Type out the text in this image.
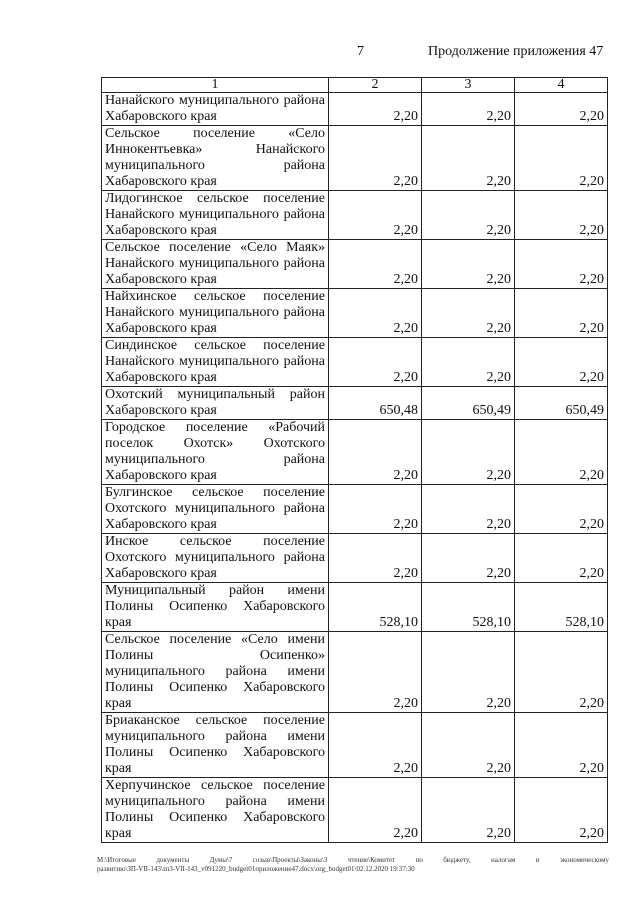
7	Продолжение приложения 47
1	2	3	4
Нанайского муниципального района Хабаровского края	2,20	2,20	2,20
Сельское поселение «Село Иннокентьевка» Нанайского муниципального района Хабаровского края	2,20	2,20	2,20
Лидогинское сельское поселение Нанайского муниципального района Хабаровского края	2,20	2,20	2,20
Сельское поселение «Село Маяк» Нанайского муниципального района Хабаровского края	2,20	2,20	2,20
Найхинское сельское поселение Нанайского муниципального района Хабаровского края	2,20	2,20	2,20
Синдинское сельское поселение Нанайского муниципального района Хабаровского края	2,20	2,20	2,20
Охотский муниципальный район Хабаровского края	650,48	650,49	650,49
Городское поселение «Рабочий поселок Охотск» Охотского муниципального района Хабаровского края	2,20	2,20	2,20
Булгинское сельское поселение Охотского муниципального района Хабаровского края	2,20	2,20	2,20
Инское сельское поселение Охотского муниципального района Хабаровского края	2,20	2,20	2,20
Муниципальный район имени Полины Осипенко Хабаровского края	528,10	528,10	528,10
Сельское поселение «Село имени Полины Осипенко» муниципального района имени Полины Осипенко Хабаровского края	2,20	2,20	2,20
Бриаканское сельское поселение муниципального района имени Полины Осипенко Хабаровского края	2,20	2,20	2,20
Херпучинское сельское поселение муниципального района имени Полины Осипенко Хабаровского края	2,20	2,20	2,20
М:\Итоговые документы Думы\7 созыв\Проекты\Законы\3 чтение\Комитет по бюджету, налогам и экономическому
развитию\ЗП-VII-143\зп3-VII-143_v091220_budget01приложение47.docx\org_budget01\02.12.2020 19:37:30
